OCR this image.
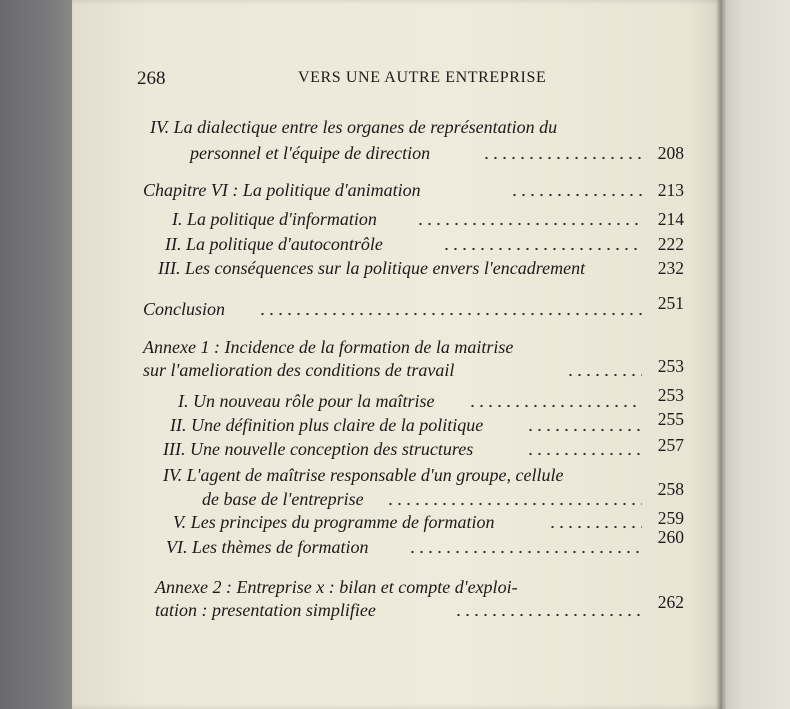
268	VERS UNE AUTRE ENTREPRISE
IV. La dialectique entre les organes de représentation du
personnel et l'équipe de direction	208
Chapitre VI : La politique d'animation	213
I. La politique d'information	214
II. La politique d'autocontrôle	222
III. Les conséquences sur la politique envers l'encadrement	232
Conclusion	251
Annexe 1 : Incidence de la formation de la maitrise
sur l'amelioration des conditions de travail	253
I. Un nouveau rôle pour la maîtrise	253
II. Une définition plus claire de la politique	255
III. Une nouvelle conception des structures	257
IV. L'agent de maîtrise responsable d'un groupe, cellule
de base de l'entreprise	258
V. Les principes du programme de formation	259
VI. Les thèmes de formation	260
Annexe 2 : Entreprise x : bilan et compte d'exploi-
tation : presentation simplifiee	262
